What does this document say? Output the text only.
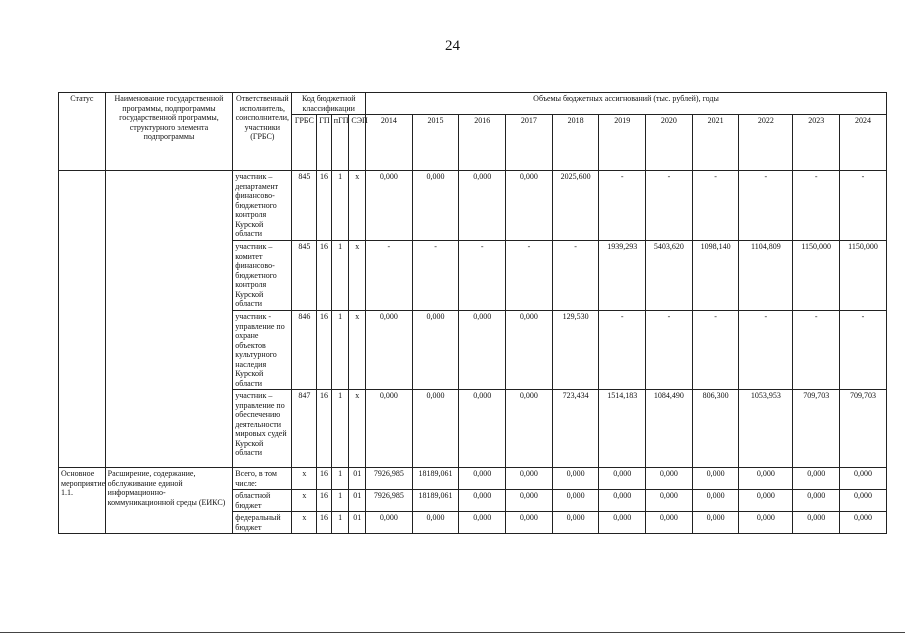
24
Статус	Наименование государственной программы, подпрограммы государственной программы, структурного элемента подпрограммы	Ответственный исполнитель, соисполнители, участники (ГРБС)	Код бюджетной классификации				Объемы бюджетных ассигнований (тыс. рублей), годы										
			ГРБС	ГП	пГП	СЭП	2014	2015	2016	2017	2018	2019	2020	2021	2022	2023	2024
		участник – департамент финансово-бюджетного контроля Курской области	845	16	1	х	0,000	0,000	0,000	0,000	2025,600	-	-	-	-	-	-
		участник – комитет финансово-бюджетного контроля Курской области	845	16	1	х	-	-	-	-	-	1939,293	5403,620	1098,140	1104,809	1150,000	1150,000
		участник - управление по охране объектов культурного наследия Курской области	846	16	1	х	0,000	0,000	0,000	0,000	129,530	-	-	-	-	-	-
		участник – управление по обеспечению деятельности мировых судей Курской области	847	16	1	х	0,000	0,000	0,000	0,000	723,434	1514,183	1084,490	806,300	1053,953	709,703	709,703
Основное мероприятие 1.1.	Расширение, содержание, обслуживание единой информационно-коммуникационной среды (ЕИКС)	Всего, в том числе:	х	16	1	01	7926,985	18189,061	0,000	0,000	0,000	0,000	0,000	0,000	0,000	0,000	0,000
		областной бюджет	х	16	1	01	7926,985	18189,061	0,000	0,000	0,000	0,000	0,000	0,000	0,000	0,000	0,000
		федеральный бюджет	х	16	1	01	0,000	0,000	0,000	0,000	0,000	0,000	0,000	0,000	0,000	0,000	0,000
